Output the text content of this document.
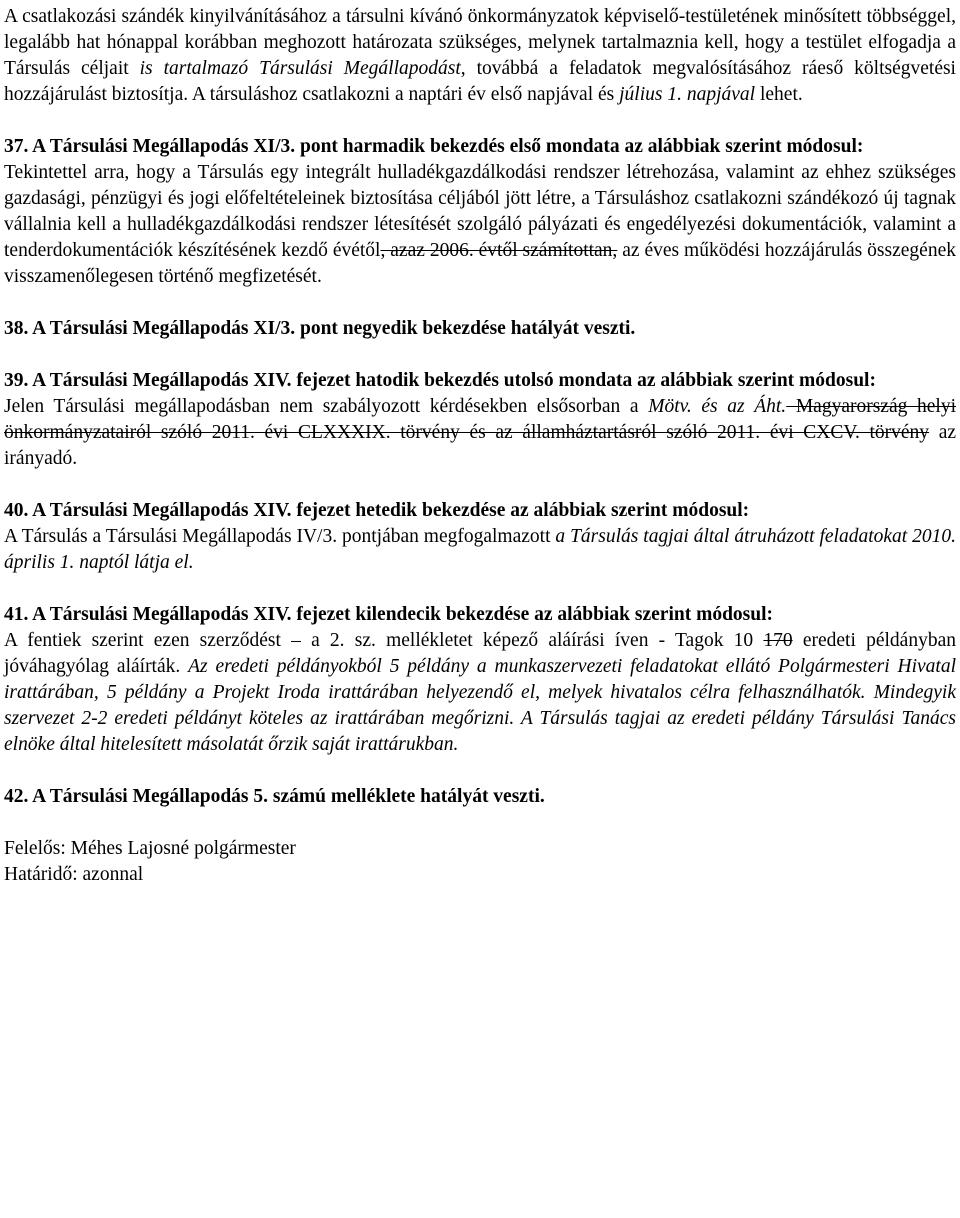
A csatlakozási szándék kinyilvánításához a társulni kívánó önkormányzatok képviselő-testületének minősített többséggel, legalább hat hónappal korábban meghozott határozata szükséges, melynek tartalmaznia kell, hogy a testület elfogadja a Társulás céljait is tartalmazó Társulási Megállapodást, továbbá a feladatok megvalósításához ráeső költségvetési hozzájárulást biztosítja. A társuláshoz csatlakozni a naptári év első napjával és július 1. napjával lehet.

37. A Társulási Megállapodás XI/3. pont harmadik bekezdés első mondata az alábbiak szerint módosul:

Tekintettel arra, hogy a Társulás egy integrált hulladékgazdálkodási rendszer létrehozása, valamint az ehhez szükséges gazdasági, pénzügyi és jogi előfeltételeinek biztosítása céljából jött létre, a Társuláshoz csatlakozni szándékozó új tagnak vállalnia kell a hulladékgazdálkodási rendszer létesítését szolgáló pályázati és engedélyezési dokumentációk, valamint a tenderdokumentációk készítésének kezdő évétől, azaz 2006. évtől számítottan, az éves működési hozzájárulás összegének visszamenőlegesen történő megfizetését.

38. A Társulási Megállapodás XI/3. pont negyedik bekezdése hatályát veszti.

39. A Társulási Megállapodás XIV. fejezet hatodik bekezdés utolsó mondata az alábbiak szerint módosul:

Jelen Társulási megállapodásban nem szabályozott kérdésekben elsősorban a Mötv. és az Áht. Magyarország helyi önkormányzatairól szóló 2011. évi CLXXXIX. törvény és az államháztartásról szóló 2011. évi CXCV. törvény az irányadó.

40. A Társulási Megállapodás XIV. fejezet hetedik bekezdése az alábbiak szerint módosul:

A Társulás a Társulási Megállapodás IV/3. pontjában megfogalmazott a Társulás tagjai által átruházott feladatokat 2010. április 1. naptól látja el.

41. A Társulási Megállapodás XIV. fejezet kilendecik bekezdése az alábbiak szerint módosul:

A fentiek szerint ezen szerződést – a 2. sz. mellékletet képező aláírási íven - Tagok 10 170 eredeti példányban jóváhagyólag aláírták. Az eredeti példányokból 5 példány a munkaszervezeti feladatokat ellátó Polgármesteri Hivatal irattárában, 5 példány a Projekt Iroda irattárában helyezendő el, melyek hivatalos célra felhasználhatók. Mindegyik szervezet 2-2 eredeti példányt köteles az irattárában megőrizni. A Társulás tagjai az eredeti példány Társulási Tanács elnöke által hitelesített másolatát őrzik saját irattárukban.

42. A Társulási Megállapodás 5. számú melléklete hatályát veszti.

Felelős: Méhes Lajosné polgármester
Határidő: azonnal
